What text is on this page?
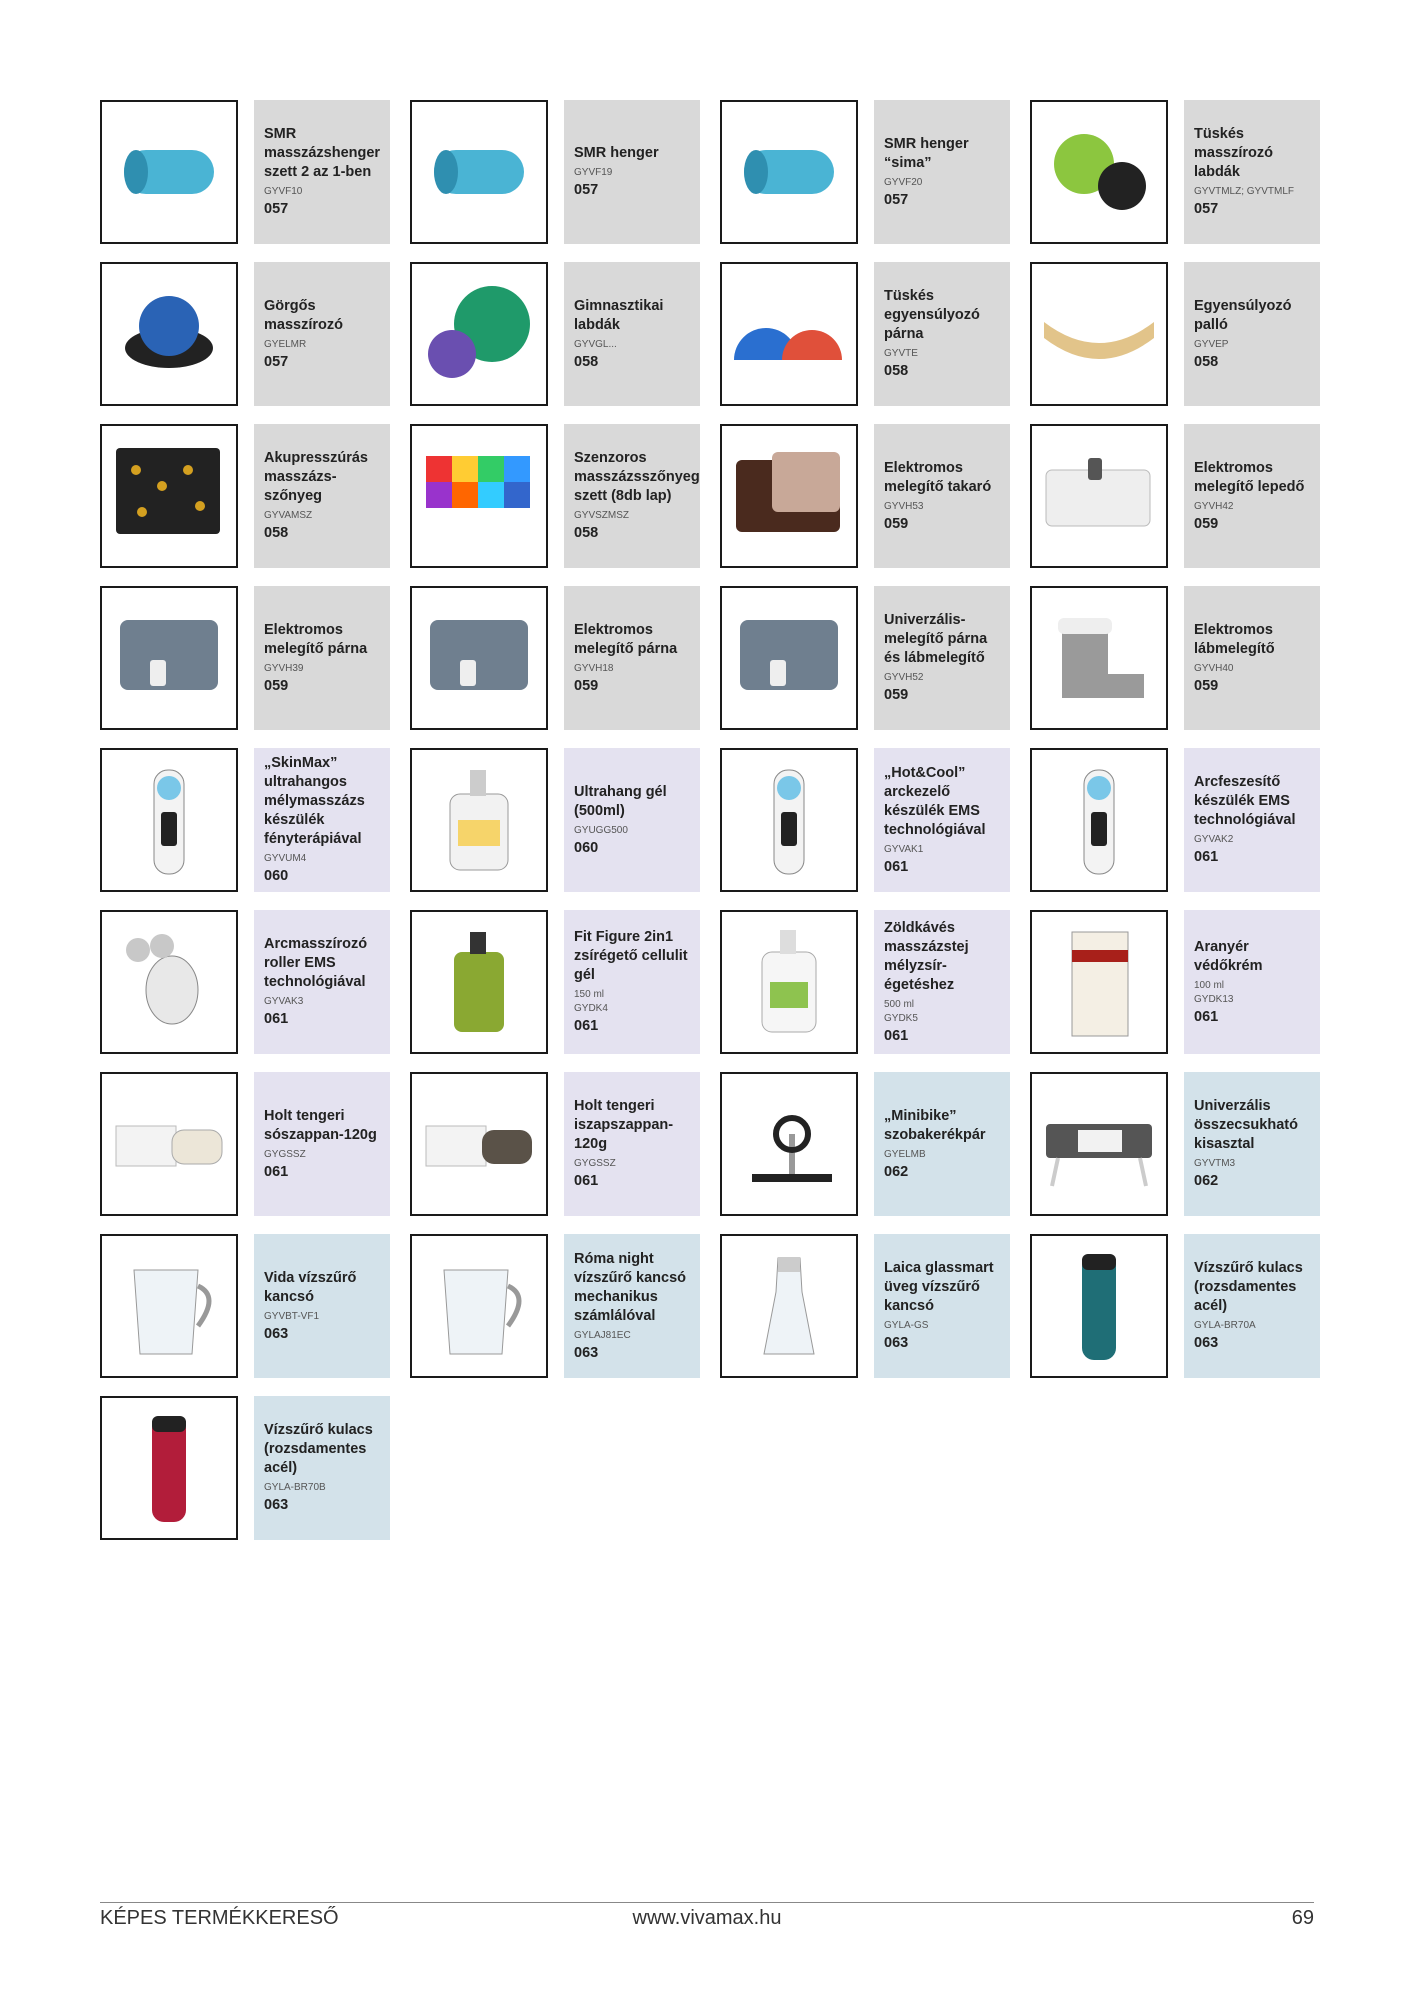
SMR
masszázshenger
szett 2 az 1-ben
GYVF10
057
SMR henger
GYVF19
057
SMR henger
“sima”
GYVF20
057
Tüskés
masszírozó
labdák
GYVTMLZ; GYVTMLF
057
Görgős
masszírozó
GYELMR
057
Gimnasztikai
labdák
GYVGL...
058
Tüskés
egyensúlyozó
párna
GYVTE
058
Egyensúlyozó
palló
GYVEP
058
Akupresszúrás
masszázs-
szőnyeg
GYVAMSZ
058
Szenzoros
masszázsszőnyeg
szett (8db lap)
GYVSZMSZ
058
Elektromos
melegítő takaró
GYVH53
059
Elektromos
melegítő lepedő
GYVH42
059
Elektromos
melegítő párna
GYVH39
059
Elektromos
melegítő párna
GYVH18
059
Univerzális-
melegítő párna
és lábmelegítő
GYVH52
059
Elektromos
lábmelegítő
GYVH40
059
„SkinMax”
ultrahangos
mélymasszázs
készülék
fényterápiával
GYVUM4
060
Ultrahang gél
(500ml)
GYUGG500
060
„Hot&Cool”
arckezelő
készülék EMS
technológiával
GYVAK1
061
Arcfeszesítő
készülék EMS
technológiával
GYVAK2
061
Arcmasszírozó
roller EMS
technológiával
GYVAK3
061
Fit Figure 2in1
zsírégető cellulit
gél
150 ml
GYDK4
061
Zöldkávés
masszázstej
mélyzsír-
égetéshez
500 ml
GYDK5
061
Aranyér
védőkrém
100 ml
GYDK13
061
Holt tengeri
sószappan-120g
GYGSSZ
061
Holt tengeri
iszapszappan-
120g
GYGSSZ
061
„Minibike”
szobakerékpár
GYELMB
062
Univerzális
összecsukható
kisasztal
GYVTM3
062
Vida vízszűrő
kancsó
GYVBT-VF1
063
Róma night
vízszűrő kancsó
mechanikus
számlálóval
GYLAJ81EC
063
Laica glassmart
üveg vízszűrő
kancsó
GYLA-GS
063
Vízszűrő kulacs
(rozsdamentes
acél)
GYLA-BR70A
063
Vízszűrő kulacs
(rozsdamentes
acél)
GYLA-BR70B
063
KÉPES TERMÉKKERESŐ	www.vivamax.hu	69
